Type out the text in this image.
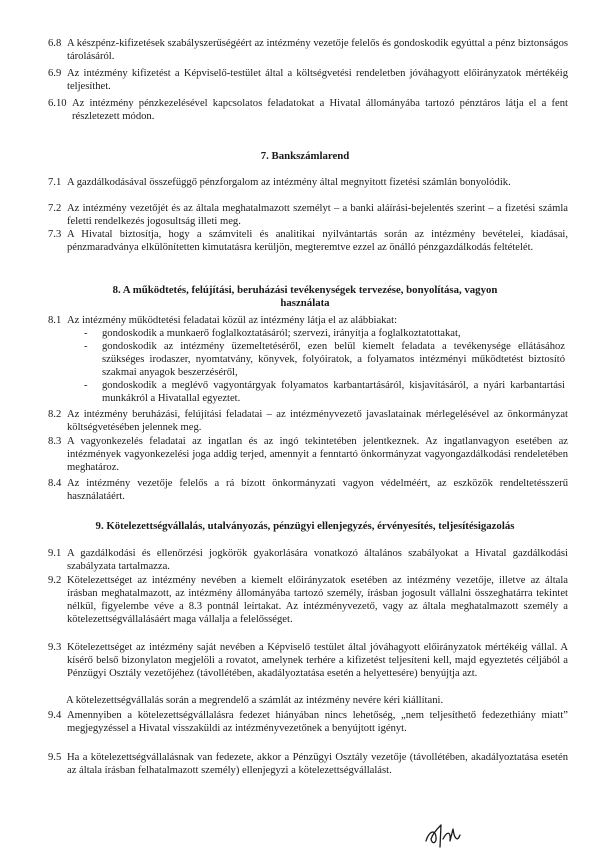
6.8 A készpénz-kifizetések szabályszerűségéért az intézmény vezetője felelős és gondoskodik egyúttal a pénz biztonságos tárolásáról.
6.9 Az intézmény kifizetést a Képviselő-testület által a költségvetési rendeletben jóváhagyott előirányzatok mértékéig teljesíthet.
6.10 Az intézmény pénzkezelésével kapcsolatos feladatokat a Hivatal állományába tartozó pénztáros látja el a fent részletezett módon.
7. Bankszámlarend
7.1 A gazdálkodásával összefüggő pénzforgalom az intézmény által megnyitott fizetési számlán bonyolódik.
7.2 Az intézmény vezetőjét és az általa meghatalmazott személyt – a banki aláírási-bejelentés szerint – a fizetési számla feletti rendelkezés jogosultság illeti meg.
7.3 A Hivatal biztosítja, hogy a számviteli és analitikai nyilvántartás során az intézmény bevételei, kiadásai, pénzmaradványa elkülönítetten kimutatásra kerüljön, megteremtve ezzel az önálló pénzgazdálkodás feltételét.
8. A működtetés, felújítási, beruházási tevékenységek tervezése, bonyolítása, vagyon
használata
8.1 Az intézmény működtetési feladatai közül az intézmény látja el az alábbiakat:
- gondoskodik a munkaerő foglalkoztatásáról; szervezi, irányítja a foglalkoztatottakat,
- gondoskodik az intézmény üzemeltetéséről, ezen belül kiemelt feladata a tevékenysége ellátásához szükséges irodaszer, nyomtatvány, könyvek, folyóiratok, a folyamatos intézményi működtetést biztosító szakmai anyagok beszerzéséről,
- gondoskodik a meglévő vagyontárgyak folyamatos karbantartásáról, kisjavításáról, a nyári karbantartási munkákról a Hivatallal egyeztet.
8.2 Az intézmény beruházási, felújítási feladatai – az intézményvezető javaslatainak mérlegelésével az önkormányzat költségvetésében jelennek meg.
8.3 A vagyonkezelés feladatai az ingatlan és az ingó tekintetében jelentkeznek. Az ingatlanvagyon esetében az intézmények vagyonkezelési joga addig terjed, amennyit a fenntartó önkormányzat vagyongazdálkodási rendeletében meghatároz.
8.4 Az intézmény vezetője felelős a rá bízott önkormányzati vagyon védelméért, az eszközök rendeltetésszerű használatáért.
9. Kötelezettségvállalás, utalványozás, pénzügyi ellenjegyzés, érvényesítés, teljesítésigazolás
9.1 A gazdálkodási és ellenőrzési jogkörök gyakorlására vonatkozó általános szabályokat a Hivatal gazdálkodási szabályzata tartalmazza.
9.2 Kötelezettséget az intézmény nevében a kiemelt előirányzatok esetében az intézmény vezetője, illetve az általa írásban meghatalmazott, az intézmény állományába tartozó személy, írásban jogosult vállalni összeghatárra tekintet nélkül, figyelembe véve a 8.3 pontnál leírtakat. Az intézményvezető, vagy az általa meghatalmazott személy a kötelezettségvállalásáért maga vállalja a felelősséget.
9.3 Kötelezettséget az intézmény saját nevében a Képviselő testület által jóváhagyott előirányzatok mértékéig vállal. A kísérő belső bizonylaton megjelöli a rovatot, amelynek terhére a kifizetést teljesíteni kell, majd egyeztetés céljából a Pénzügyi Osztály vezetőjéhez (távollétében, akadályoztatása esetén a helyettesére) benyújtja azt.
A kötelezettségvállalás során a megrendelő a számlát az intézmény nevére kéri kiállítani.
9.4 Amennyiben a kötelezettségvállalásra fedezet hiányában nincs lehetőség, „nem teljesíthető fedezethiány miatt” megjegyzéssel a Hivatal visszaküldi az intézményvezetőnek a benyújtott igényt.
9.5 Ha a kötelezettségvállalásnak van fedezete, akkor a Pénzügyi Osztály vezetője (távollétében, akadályoztatása esetén az általa írásban felhatalmazott személy) ellenjegyzi a kötelezettségvállalást.
